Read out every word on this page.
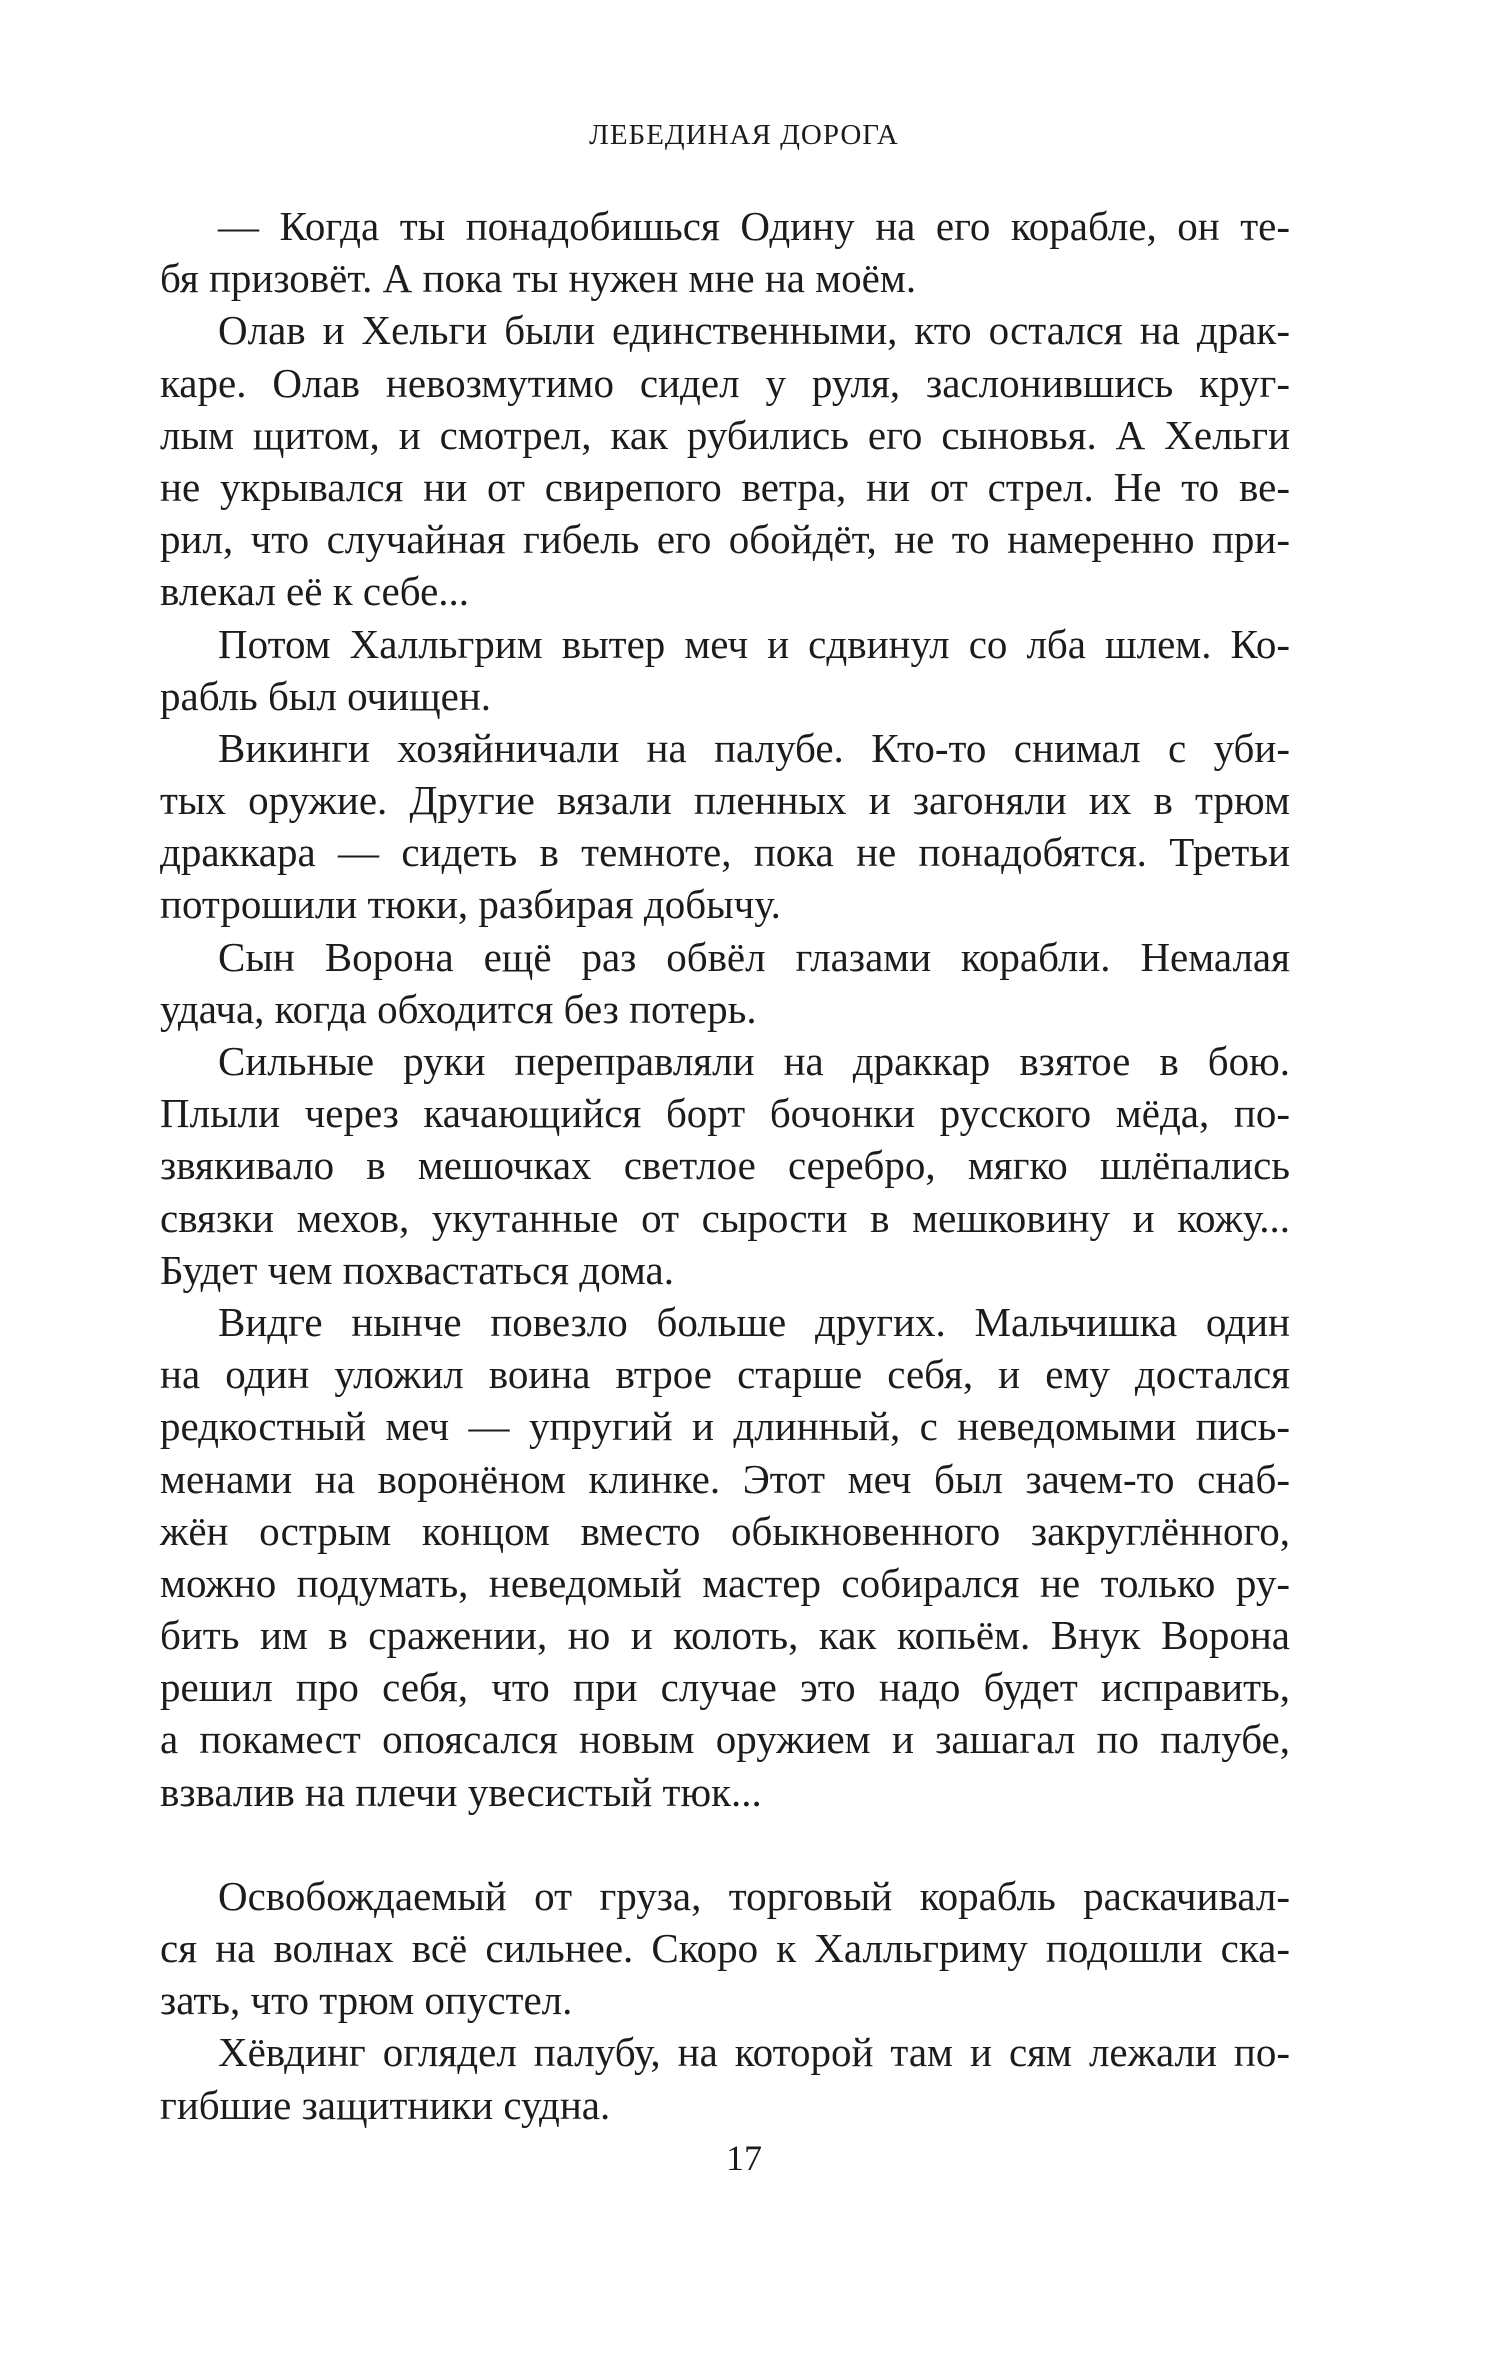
ЛЕБЕДИНАЯ ДОРОГА
— Когда ты понадобишься Одину на его корабле, он те-
бя призовёт. А пока ты нужен мне на моём.
Олав и Хельги были единственными, кто остался на драк-
каре. Олав невозмутимо сидел у руля, заслонившись круг-
лым щитом, и смотрел, как рубились его сыновья. А Хельги
не укрывался ни от свирепого ветра, ни от стрел. Не то ве-
рил, что случайная гибель его обойдёт, не то намеренно при-
влекал её к себе...
Потом Халльгрим вытер меч и сдвинул со лба шлем. Ко-
рабль был очищен.
Викинги хозяйничали на палубе. Кто-то снимал с уби-
тых оружие. Другие вязали пленных и загоняли их в трюм
драккара — сидеть в темноте, пока не понадобятся. Третьи
потрошили тюки, разбирая добычу.
Сын Ворона ещё раз обвёл глазами корабли. Немалая
удача, когда обходится без потерь.
Сильные руки переправляли на драккар взятое в бою.
Плыли через качающийся борт бочонки русского мёда, по-
звякивало в мешочках светлое серебро, мягко шлёпались
связки мехов, укутанные от сырости в мешковину и кожу...
Будет чем похвастаться дома.
Видге нынче повезло больше других. Мальчишка один
на один уложил воина втрое старше себя, и ему достался
редкостный меч — упругий и длинный, с неведомыми пись-
менами на воронёном клинке. Этот меч был зачем-то снаб-
жён острым концом вместо обыкновенного закруглённого,
можно подумать, неведомый мастер собирался не только ру-
бить им в сражении, но и колоть, как копьём. Внук Ворона
решил про себя, что при случае это надо будет исправить,
а покамест опоясался новым оружием и зашагал по палубе,
взвалив на плечи увесистый тюк...
Освобождаемый от груза, торговый корабль раскачивал-
ся на волнах всё сильнее. Скоро к Халльгриму подошли ска-
зать, что трюм опустел.
Хёвдинг оглядел палубу, на которой там и сям лежали по-
гибшие защитники судна.
17
